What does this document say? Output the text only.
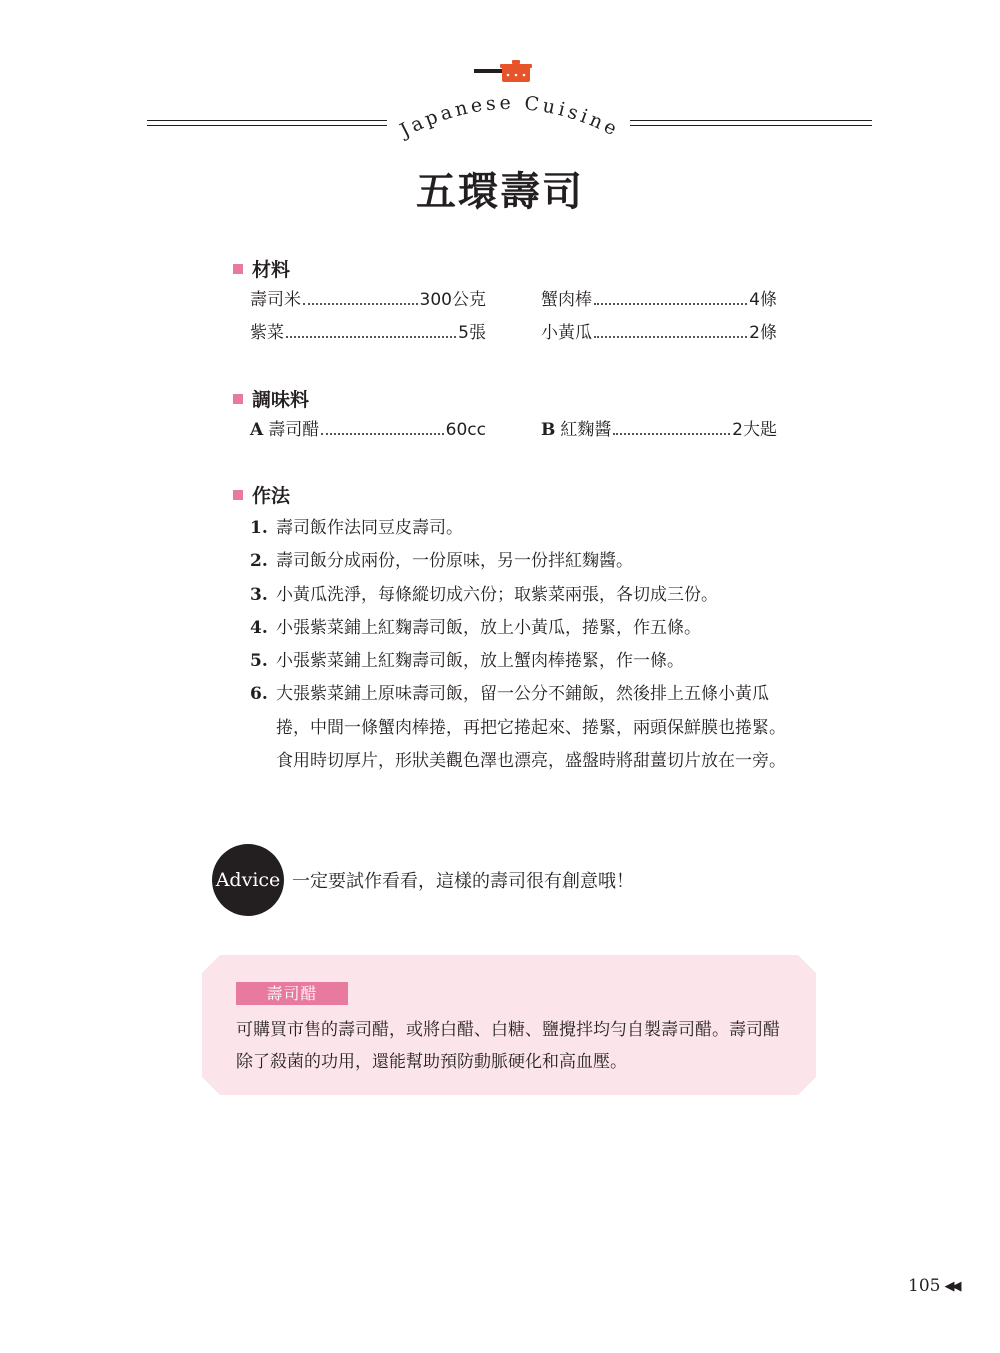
Japanese Cuisine
五環壽司
材料
壽司米	300公克	蟹肉棒	4條
紫菜	5張	小黃瓜	2條
調味料
A 壽司醋	60cc	B 紅麴醬	2大匙
作法
1. 壽司飯作法同豆皮壽司。
2. 壽司飯分成兩份，一份原味，另一份拌紅麴醬。
3. 小黃瓜洗淨，每條縱切成六份；取紫菜兩張，各切成三份。
4. 小張紫菜鋪上紅麴壽司飯，放上小黃瓜，捲緊，作五條。
5. 小張紫菜鋪上紅麴壽司飯，放上蟹肉棒捲緊，作一條。
6. 大張紫菜鋪上原味壽司飯，留一公分不鋪飯，然後排上五條小黃瓜捲，中間一條蟹肉棒捲，再把它捲起來、捲緊，兩頭保鮮膜也捲緊。食用時切厚片，形狀美觀色澤也漂亮，盛盤時將甜薑切片放在一旁。
Advice 一定要試作看看，這樣的壽司很有創意哦！
壽司醋
可購買市售的壽司醋，或將白醋、白糖、鹽攪拌均勻自製壽司醋。壽司醋除了殺菌的功用，還能幫助預防動脈硬化和高血壓。
105 ◀◀
